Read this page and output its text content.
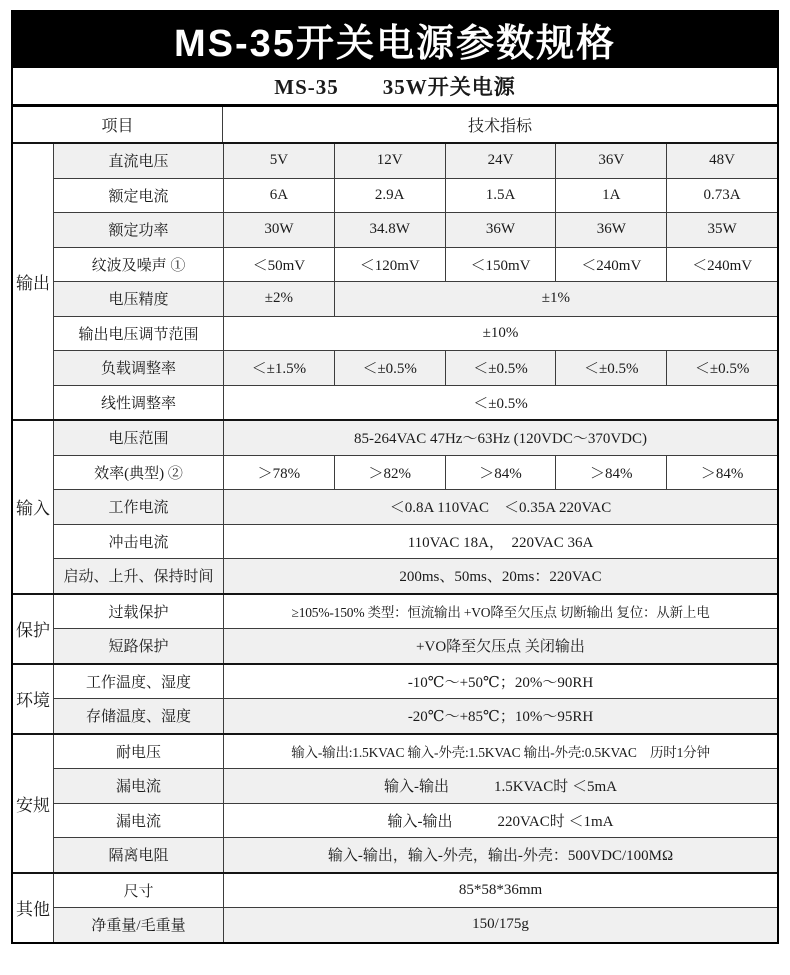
MS-35开关电源参数规格
MS-35　　35W开关电源
项目	技术指标
输出
直流电压	5V	12V	24V	36V	48V
额定电流	6A	2.9A	1.5A	1A	0.73A
额定功率	30W	34.8W	36W	36W	35W
纹波及噪声 ①	＜50mV	＜120mV	＜150mV	＜240mV	＜240mV
电压精度	±2%	±1%
输出电压调节范围	±10%
负载调整率	＜±1.5%	＜±0.5%	＜±0.5%	＜±0.5%	＜±0.5%
线性调整率	＜±0.5%
输入
电压范围	85-264VAC 47Hz～63Hz (120VDC～370VDC)
效率(典型) ②	＞78%	＞82%	＞84%	＞84%	＞84%
工作电流	＜0.8A 110VAC　＜0.35A 220VAC
冲击电流	110VAC 18A，　220VAC 36A
启动、上升、保持时间	200ms、50ms、20ms：220VAC
保护
过载保护	≥105%-150% 类型：恒流输出 +VO降至欠压点 切断输出 复位：从新上电
短路保护	+VO降至欠压点 关闭输出
环境
工作温度、湿度	-10℃～+50℃；20%～90RH
存储温度、湿度	-20℃～+85℃；10%～95RH
安规
耐电压	输入-输出:1.5KVAC 输入-外壳:1.5KVAC 输出-外壳:0.5KVAC　历时1分钟
漏电流	输入-输出　　　1.5KVAC时 ＜5mA
漏电流	输入-输出　　　220VAC时 ＜1mA
隔离电阻	输入-输出，输入-外壳，输出-外壳：500VDC/100MΩ
其他
尺寸	85*58*36mm
净重量/毛重量	150/175g
